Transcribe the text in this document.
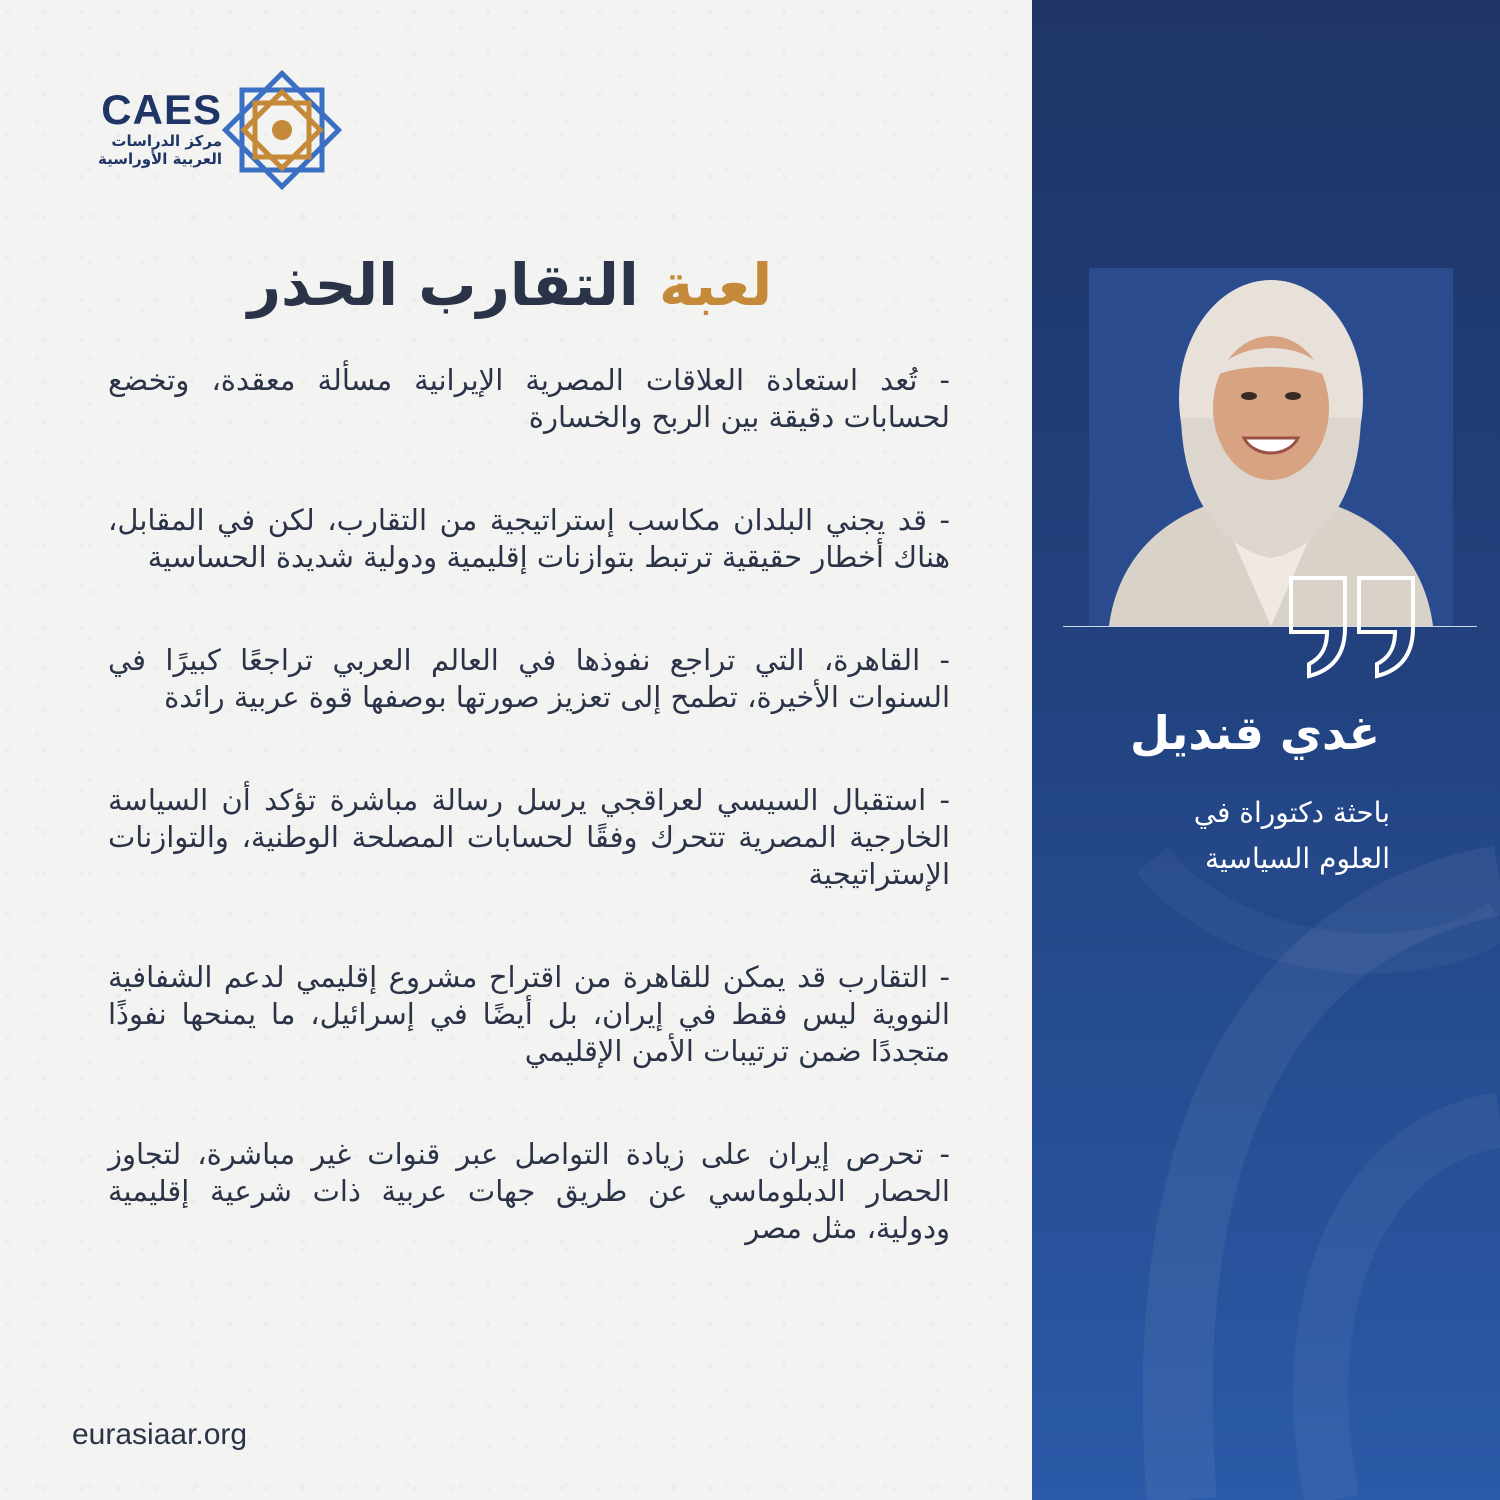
CAES
مركز الدراسات
العربية الأوراسية
لعبة التقارب الحذر

- تُعد استعادة العلاقات المصرية الإيرانية مسألة معقدة، وتخضع لحسابات دقيقة بين الربح والخسارة

- قد يجني البلدان مكاسب إستراتيجية من التقارب، لكن في المقابل، هناك أخطار حقيقية ترتبط بتوازنات إقليمية ودولية شديدة الحساسية

- القاهرة، التي تراجع نفوذها في العالم العربي تراجعًا كبيرًا في السنوات الأخيرة، تطمح إلى تعزيز صورتها بوصفها قوة عربية رائدة

- استقبال السيسي لعراقجي يرسل رسالة مباشرة تؤكد أن السياسة الخارجية المصرية تتحرك وفقًا لحسابات المصلحة الوطنية، والتوازنات الإستراتيجية

- التقارب قد يمكن للقاهرة من اقتراح مشروع إقليمي لدعم الشفافية النووية ليس فقط في إيران، بل أيضًا في إسرائيل، ما يمنحها نفوذًا متجددًا ضمن ترتيبات الأمن الإقليمي

- تحرص إيران على زيادة التواصل عبر قنوات غير مباشرة، لتجاوز الحصار الدبلوماسي عن طريق جهات عربية ذات شرعية إقليمية ودولية، مثل مصر

eurasiaar.org
غدي قنديل
باحثة دكتوراة في
العلوم السياسية
